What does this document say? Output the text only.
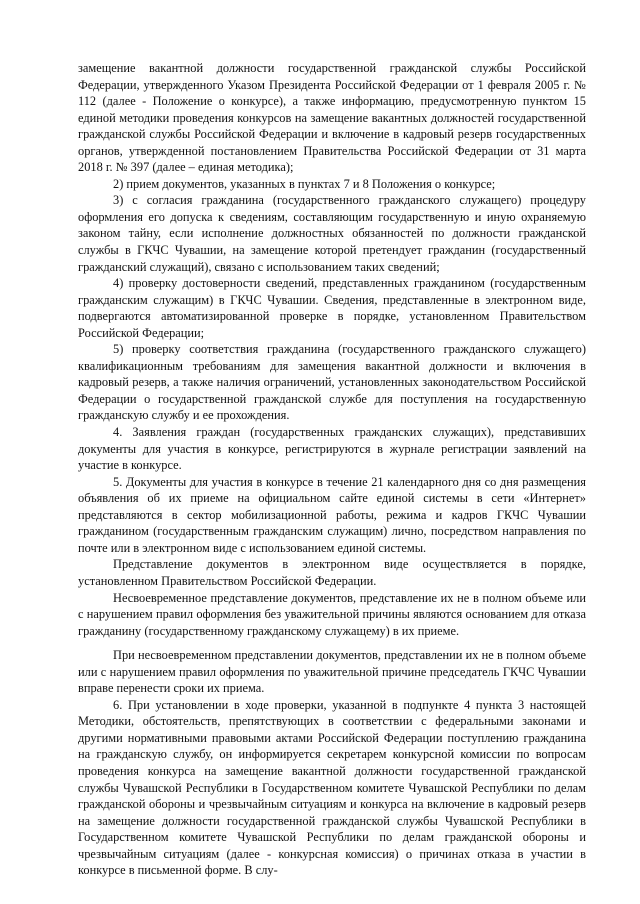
замещение вакантной должности государственной гражданской службы Российской Федерации, утвержденного Указом Президента Российской Федерации от 1 февраля 2005 г. № 112 (далее - Положение о конкурсе), а также информацию, предусмотренную пунктом 15 единой методики проведения конкурсов на замещение вакантных должностей государственной гражданской службы Российской Федерации и включение в кадровый резерв государственных органов, утвержденной постановлением Правительства Российской Федерации от 31 марта 2018 г. № 397 (далее – единая методика);

2) прием документов, указанных в пунктах 7 и 8 Положения о конкурсе;

3) с согласия гражданина (государственного гражданского служащего) процедуру оформления его допуска к сведениям, составляющим государственную и иную охраняемую законом тайну, если исполнение должностных обязанностей по должности гражданской службы в ГКЧС Чувашии, на замещение которой претендует гражданин (государственный гражданский служащий), связано с использованием таких сведений;

4) проверку достоверности сведений, представленных гражданином (государственным гражданским служащим) в ГКЧС Чувашии. Сведения, представленные в электронном виде, подвергаются автоматизированной проверке в порядке, установленном Правительством Российской Федерации;

5) проверку соответствия гражданина (государственного гражданского служащего) квалификационным требованиям для замещения вакантной должности и включения в кадровый резерв, а также наличия ограничений, установленных законодательством Российской Федерации о государственной гражданской службе для поступления на государственную гражданскую службу и ее прохождения.

4. Заявления граждан (государственных гражданских служащих), представивших документы для участия в конкурсе, регистрируются в журнале регистрации заявлений на участие в конкурсе.

5. Документы для участия в конкурсе в течение 21 календарного дня со дня размещения объявления об их приеме на официальном сайте единой системы в сети «Интернет» представляются в сектор мобилизационной работы, режима и кадров ГКЧС Чувашии гражданином (государственным гражданским служащим) лично, посредством направления по почте или в электронном виде с использованием единой системы.

Представление документов в электронном виде осуществляется в порядке, установленном Правительством Российской Федерации.

Несвоевременное представление документов, представление их не в полном объеме или с нарушением правил оформления без уважительной причины являются основанием для отказа гражданину (государственному гражданскому служащему) в их приеме.

При несвоевременном представлении документов, представлении их не в полном объеме или с нарушением правил оформления по уважительной причине председатель ГКЧС Чувашии вправе перенести сроки их приема.

6. При установлении в ходе проверки, указанной в подпункте 4 пункта 3 настоящей Методики, обстоятельств, препятствующих в соответствии с федеральными законами и другими нормативными правовыми актами Российской Федерации поступлению гражданина на гражданскую службу, он информируется секретарем конкурсной комиссии по вопросам проведения конкурса на замещение вакантной должности государственной гражданской службы Чувашской Республики в Государственном комитете Чувашской Республики по делам гражданской обороны и чрезвычайным ситуациям и конкурса на включение в кадровый резерв на замещение должности государственной гражданской службы Чувашской Республики в Государственном комитете Чувашской Республики по делам гражданской обороны и чрезвычайным ситуациям (далее - конкурсная комиссия) о причинах отказа в участии в конкурсе в письменной форме. В слу-
